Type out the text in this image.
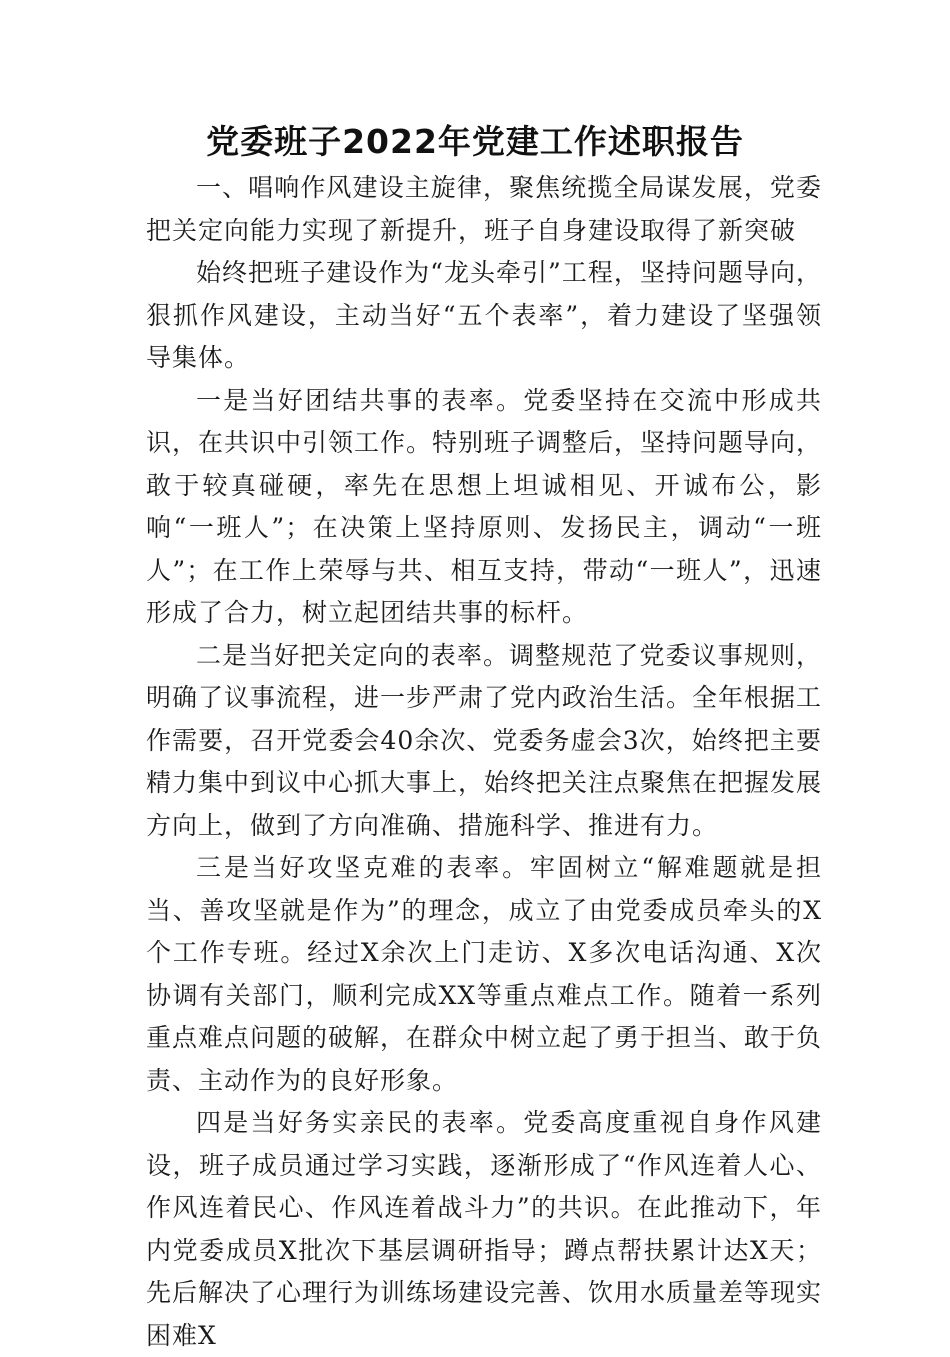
党委班子2022年党建工作述职报告

一、唱响作风建设主旋律，聚焦统揽全局谋发展，党委把关定向能力实现了新提升，班子自身建设取得了新突破

始终把班子建设作为“龙头牵引”工程，坚持问题导向，狠抓作风建设，主动当好“五个表率”，着力建设了坚强领导集体。

一是当好团结共事的表率。党委坚持在交流中形成共识，在共识中引领工作。特别班子调整后，坚持问题导向，敢于较真碰硬，率先在思想上坦诚相见、开诚布公，影响“一班人”；在决策上坚持原则、发扬民主，调动“一班人”；在工作上荣辱与共、相互支持，带动“一班人”，迅速形成了合力，树立起团结共事的标杆。

二是当好把关定向的表率。调整规范了党委议事规则，明确了议事流程，进一步严肃了党内政治生活。全年根据工作需要，召开党委会40余次、党委务虚会3次，始终把主要精力集中到议中心抓大事上，始终把关注点聚焦在把握发展方向上，做到了方向准确、措施科学、推进有力。

三是当好攻坚克难的表率。牢固树立“解难题就是担当、善攻坚就是作为”的理念，成立了由党委成员牵头的X个工作专班。经过X余次上门走访、X多次电话沟通、X次协调有关部门，顺利完成XX等重点难点工作。随着一系列重点难点问题的破解，在群众中树立起了勇于担当、敢于负责、主动作为的良好形象。

四是当好务实亲民的表率。党委高度重视自身作风建设，班子成员通过学习实践，逐渐形成了“作风连着人心、作风连着民心、作风连着战斗力”的共识。在此推动下，年内党委成员X批次下基层调研指导；蹲点帮扶累计达X天；先后解决了心理行为训练场建设完善、饮用水质量差等现实困难X
